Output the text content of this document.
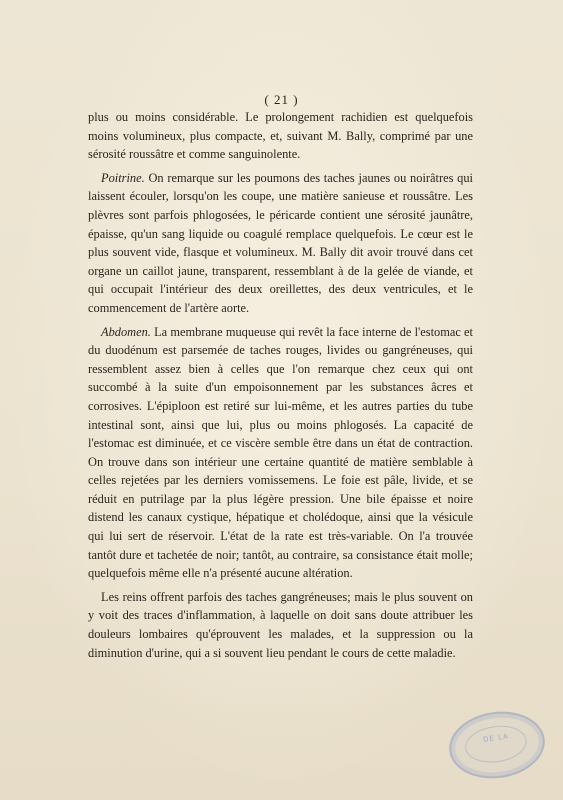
( 21 )

plus ou moins considérable. Le prolongement rachidien est quelquefois moins volumineux, plus compacte, et, suivant M. Bally, comprimé par une sérosité roussâtre et comme sanguinolente.

Poitrine. On remarque sur les poumons des taches jaunes ou noirâtres qui laissent écouler, lorsqu'on les coupe, une matière sanieuse et roussâtre. Les plèvres sont parfois phlogosées, le péricarde contient une sérosité jaunâtre, épaisse, qu'un sang liquide ou coagulé remplace quelquefois. Le cœur est le plus souvent vide, flasque et volumineux. M. Bally dit avoir trouvé dans cet organe un caillot jaune, transparent, ressemblant à de la gelée de viande, et qui occupait l'intérieur des deux oreillettes, des deux ventricules, et le commencement de l'artère aorte.

Abdomen. La membrane muqueuse qui revêt la face interne de l'estomac et du duodénum est parsemée de taches rouges, livides ou gangréneuses, qui ressemblent assez bien à celles que l'on remarque chez ceux qui ont succombé à la suite d'un empoisonnement par les substances âcres et corrosives. L'épiploon est retiré sur lui-même, et les autres parties du tube intestinal sont, ainsi que lui, plus ou moins phlogosés. La capacité de l'estomac est diminuée, et ce viscère semble être dans un état de contraction. On trouve dans son intérieur une certaine quantité de matière semblable à celles rejetées par les derniers vomissemens. Le foie est pâle, livide, et se réduit en putrilage par la plus légère pression. Une bile épaisse et noire distend les canaux cystique, hépatique et cholédoque, ainsi que la vésicule qui lui sert de réservoir. L'état de la rate est très-variable. On l'a trouvée tantôt dure et tachetée de noir; tantôt, au contraire, sa consistance était molle; quelquefois même elle n'a présenté aucune altération.

Les reins offrent parfois des taches gangréneuses; mais le plus souvent on y voit des traces d'inflammation, à laquelle on doit sans doute attribuer les douleurs lombaires qu'éprouvent les malades, et la suppression ou la diminution d'urine, qui a si souvent lieu pendant le cours de cette maladie.

DE LA
